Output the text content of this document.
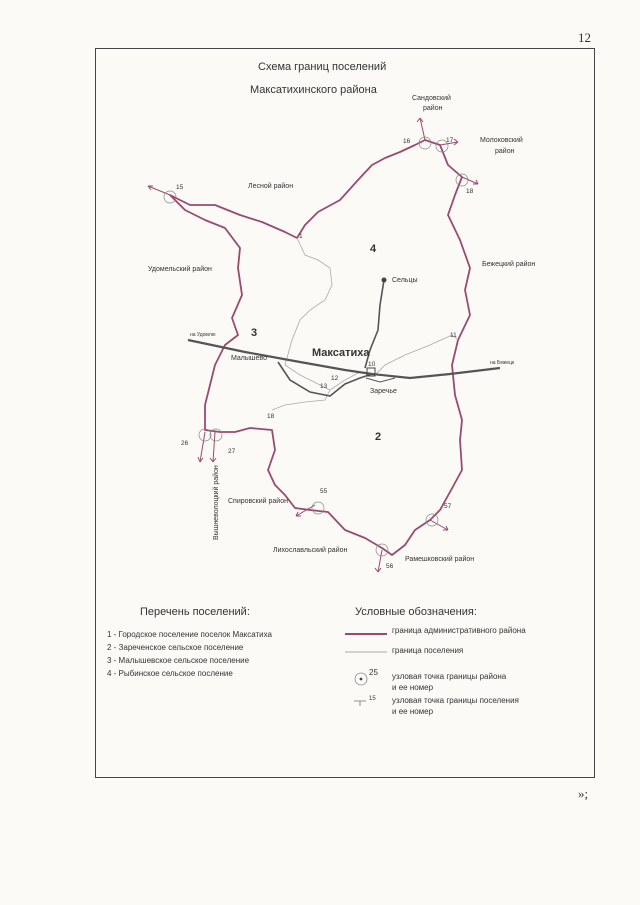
12
Схема границ поселений
Максатихинского района
на Удомлю
на Бежецк
4
3
2
Максатиха
Заречье
Малышево
Сельцы
Сандовский
район
Молоковский
район
Лесной район
Удомельский район
Бежецкий район
Вышневолоцкий район Спировский район
Лихославльский район
Рамешковский район
15
16	17
18
1
11
10
12
13
18
26
27
55
57
56
Перечень поселений:
1 - Городское поселение поселок Максатиха
2 - Зареченское сельское поселение
3 - Малышевское сельское поселение
4 - Рыбинское сельское посление
Условные обозначения:
граница административного района
граница поселения
25 узловая точка границы района
и ее номер
15 узловая точка границы поселения
и ее номер
»;
